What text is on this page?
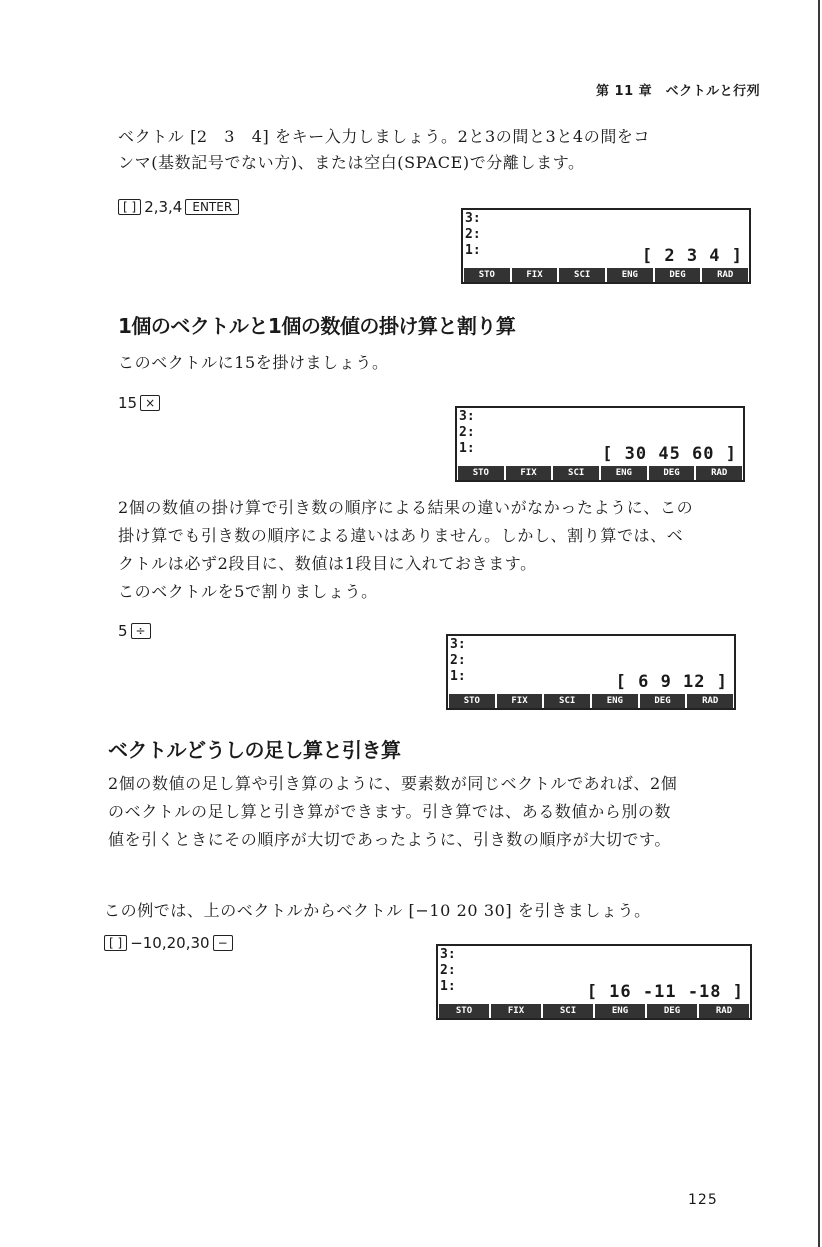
第 11 章　ベクトルと行列
ベクトル [2　3　4] をキー入力しましょう。2と3の間と3と4の間をコ
ンマ(基数記号でない方)、または空白(SPACE)で分離します。
[ ] 2,3,4 ENTER
3:
2:
1:	[ 2 3 4 ]
STO	FIX	SCI	ENG	DEG	RAD
1個のベクトルと1個の数値の掛け算と割り算
このベクトルに15を掛けましょう。
15 ×
3:
2:
1:	[ 30 45 60 ]
STO	FIX	SCI	ENG	DEG	RAD
2個の数値の掛け算で引き数の順序による結果の違いがなかったように、この
掛け算でも引き数の順序による違いはありません。しかし、割り算では、ベ
クトルは必ず2段目に、数値は1段目に入れておきます。
このベクトルを5で割りましょう。
5 ÷
3:
2:
1:	[ 6 9 12 ]
STO	FIX	SCI	ENG	DEG	RAD
ベクトルどうしの足し算と引き算
2個の数値の足し算や引き算のように、要素数が同じベクトルであれば、2個
のベクトルの足し算と引き算ができます。引き算では、ある数値から別の数
値を引くときにその順序が大切であったように、引き数の順序が大切です。
この例では、上のベクトルからベクトル [−10 20 30] を引きましょう。
[ ] −10,20,30 −
3:
2:
1:	[ 16 -11 -18 ]
STO	FIX	SCI	ENG	DEG	RAD
125
